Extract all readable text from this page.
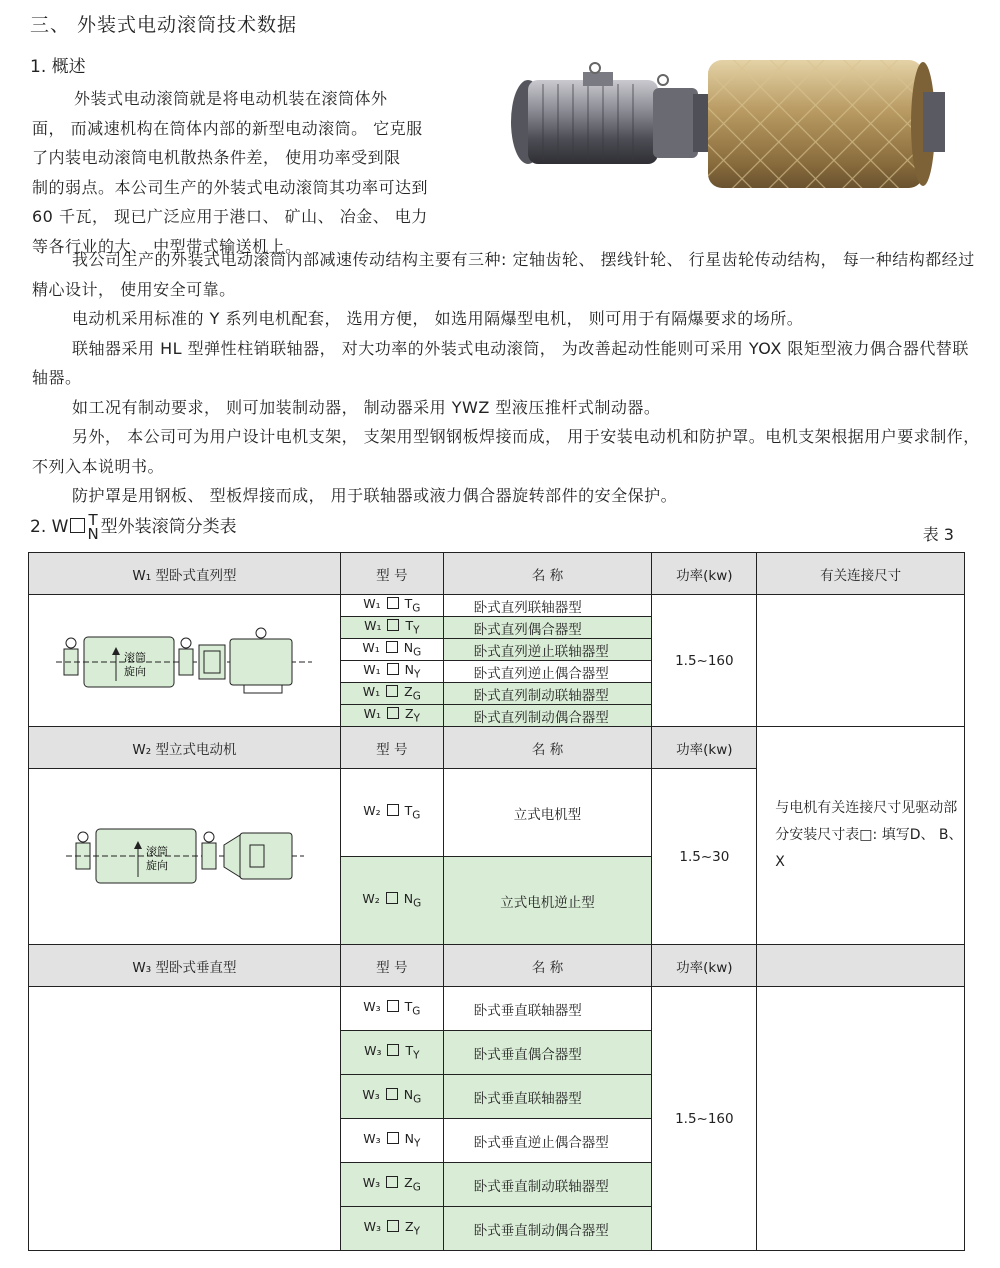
三、 外装式电动滚筒技术数据
1. 概述
外装式电动滚筒就是将电动机装在滚筒体外
面， 而减速机构在筒体内部的新型电动滚筒。 它克服
了内装电动滚筒电机散热条件差， 使用功率受到限
制的弱点。本公司生产的外装式电动滚筒其功率可达到
60 千瓦， 现已广泛应用于港口、 矿山、 冶金、 电力
等各行业的大、 中型带式输送机上。
我公司生产的外装式电动滚筒内部减速传动结构主要有三种: 定轴齿轮、 摆线针轮、 行星齿轮传动结构， 每一种结构都经过精心设计， 使用安全可靠。
电动机采用标准的 Y 系列电机配套， 选用方便， 如选用隔爆型电机， 则可用于有隔爆要求的场所。
联轴器采用 HL 型弹性柱销联轴器， 对大功率的外装式电动滚筒， 为改善起动性能则可采用 YOX 限矩型液力偶合器代替联轴器。
如工况有制动要求， 则可加装制动器， 制动器采用 YWZ 型液压推杆式制动器。
另外， 本公司可为用户设计电机支架， 支架用型钢钢板焊接而成， 用于安装电动机和防护罩。电机支架根据用户要求制作， 不列入本说明书。
防护罩是用钢板、 型板焊接而成， 用于联轴器或液力偶合器旋转部件的安全保护。
2. W T
N 型外装滚筒分类表	表 3
W₁ 型卧式直列型	型 号	名 称	功率(kw)	有关连接尺寸

滚筒
旋向	W₁ $T_G$	卧式直列联轴器型	1.5~160	
	W₁ $T_Y$	卧式直列偶合器型		
	W₁ $N_G$	卧式直列逆止联轴器型		
	W₁ $N_Y$	卧式直列逆止偶合器型		
	W₁ $Z_G$	卧式直列制动联轴器型		
	W₁ $Z_Y$	卧式直列制动偶合器型		
W₂ 型立式电动机	型 号	名 称	功率(kw)	与电机有关连接尺寸见驱动部分安装尺寸表□: 填写D、 B、 X

滚筒
旋向	W₂ $T_G$	立式电机型	1.5~30	
	W₂ $N_G$	立式电机逆止型		
W₃ 型卧式垂直型	型 号	名 称	功率(kw)	
	W₃ $T_G$	卧式垂直联轴器型	1.5~160	
	W₃ $T_Y$	卧式垂直偶合器型		
	W₃ $N_G$	卧式垂直联轴器型		
	W₃ $N_Y$	卧式垂直逆止偶合器型		
	W₃ $Z_G$	卧式垂直制动联轴器型		
	W₃ $Z_Y$	卧式垂直制动偶合器型		
